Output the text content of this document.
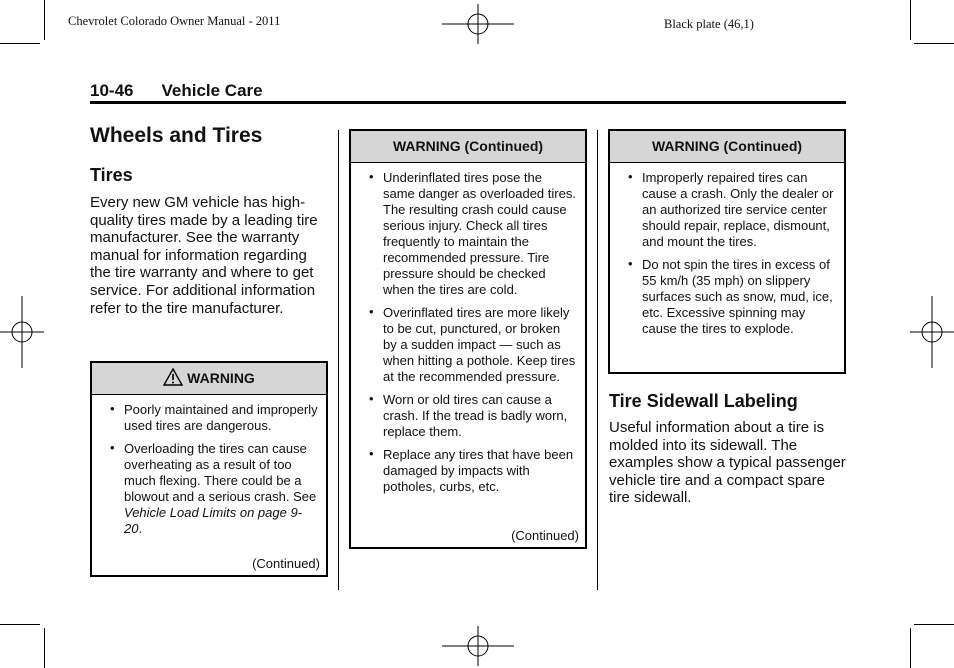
Chevrolet Colorado Owner Manual - 2011	Black plate (46,1)
10-46 Vehicle Care
Wheels and Tires
Tires

Every new GM vehicle has high-quality tires made by a leading tire manufacturer. See the warranty manual for information regarding the tire warranty and where to get service. For additional information refer to the tire manufacturer.

WARNING
• Poorly maintained and improperly used tires are dangerous.
• Overloading the tires can cause overheating as a result of too much flexing. There could be a blowout and a serious crash. See Vehicle Load Limits on page 9-20.
(Continued)
WARNING (Continued)
• Underinflated tires pose the same danger as overloaded tires. The resulting crash could cause serious injury. Check all tires frequently to maintain the recommended pressure. Tire pressure should be checked when the tires are cold.
• Overinflated tires are more likely to be cut, punctured, or broken by a sudden impact — such as when hitting a pothole. Keep tires at the recommended pressure.
• Worn or old tires can cause a crash. If the tread is badly worn, replace them.
• Replace any tires that have been damaged by impacts with potholes, curbs, etc.
(Continued)
WARNING (Continued)
• Improperly repaired tires can cause a crash. Only the dealer or an authorized tire service center should repair, replace, dismount, and mount the tires.
• Do not spin the tires in excess of 55 km/h (35 mph) on slippery surfaces such as snow, mud, ice, etc. Excessive spinning may cause the tires to explode.
Tire Sidewall Labeling

Useful information about a tire is molded into its sidewall. The examples show a typical passenger vehicle tire and a compact spare tire sidewall.
